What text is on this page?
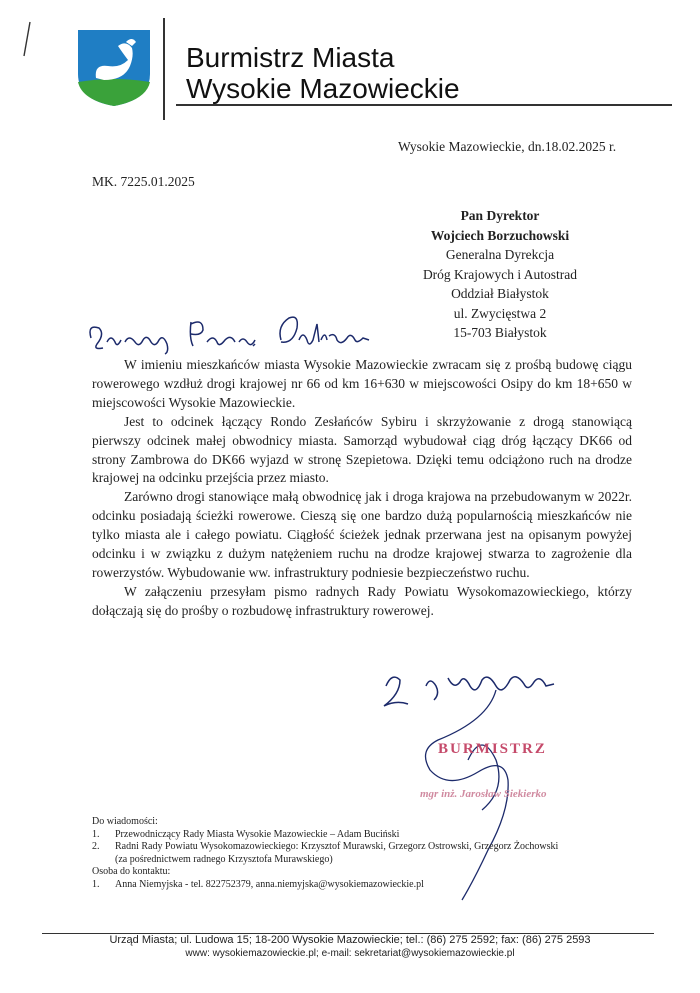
Burmistrz Miasta
Wysokie Mazowieckie
Wysokie Mazowieckie, dn.18.02.2025 r.
MK. 7225.01.2025
Pan Dyrektor
Wojciech Borzuchowski
Generalna Dyrekcja
Dróg Krajowych i Autostrad
Oddział Białystok
ul. Zwycięstwa 2
15-703 Białystok

W imieniu mieszkańców miasta Wysokie Mazowieckie zwracam się z prośbą budowę ciągu rowerowego wzdłuż drogi krajowej nr 66 od km 16+630 w miejscowości Osipy do km 18+650 w miejscowości Wysokie Mazowieckie.

Jest to odcinek łączący Rondo Zesłańców Sybiru i skrzyżowanie z drogą stanowiącą pierwszy odcinek małej obwodnicy miasta. Samorząd wybudował ciąg dróg łączący DK66 od strony Zambrowa do DK66 wyjazd w stronę Szepietowa. Dzięki temu odciążono ruch na drodze krajowej na odcinku przejścia przez miasto.

Zarówno drogi stanowiące małą obwodnicę jak i droga krajowa na przebudowanym w 2022r. odcinku posiadają ścieżki rowerowe. Cieszą się one bardzo dużą popularnością mieszkańców nie tylko miasta ale i całego powiatu. Ciągłość ścieżek jednak przerwana jest na opisanym powyżej odcinku i w związku z dużym natężeniem ruchu na drodze krajowej stwarza to zagrożenie dla rowerzystów. Wybudowanie ww. infrastruktury podniesie bezpieczeństwo ruchu.

W załączeniu przesyłam pismo radnych Rady Powiatu Wysokomazowieckiego, którzy dołączają się do prośby o rozbudowę infrastruktury rowerowej.

BURMISTRZ
mgr inż. Jarosław Siekierko
Do wiadomości:
1.	Przewodniczący Rady Miasta Wysokie Mazowieckie – Adam Buciński
2.	Radni Rady Powiatu Wysokomazowieckiego: Krzysztof Murawski, Grzegorz Ostrowski, Grzegorz Żochowski
(za pośrednictwem radnego Krzysztofa Murawskiego)
Osoba do kontaktu:
1.	Anna Niemyjska - tel. 822752379, anna.niemyjska@wysokiemazowieckie.pl
Urząd Miasta; ul. Ludowa 15; 18-200 Wysokie Mazowieckie; tel.: (86) 275 2592; fax: (86) 275 2593
www: wysokiemazowieckie.pl; e-mail: sekretariat@wysokiemazowieckie.pl
